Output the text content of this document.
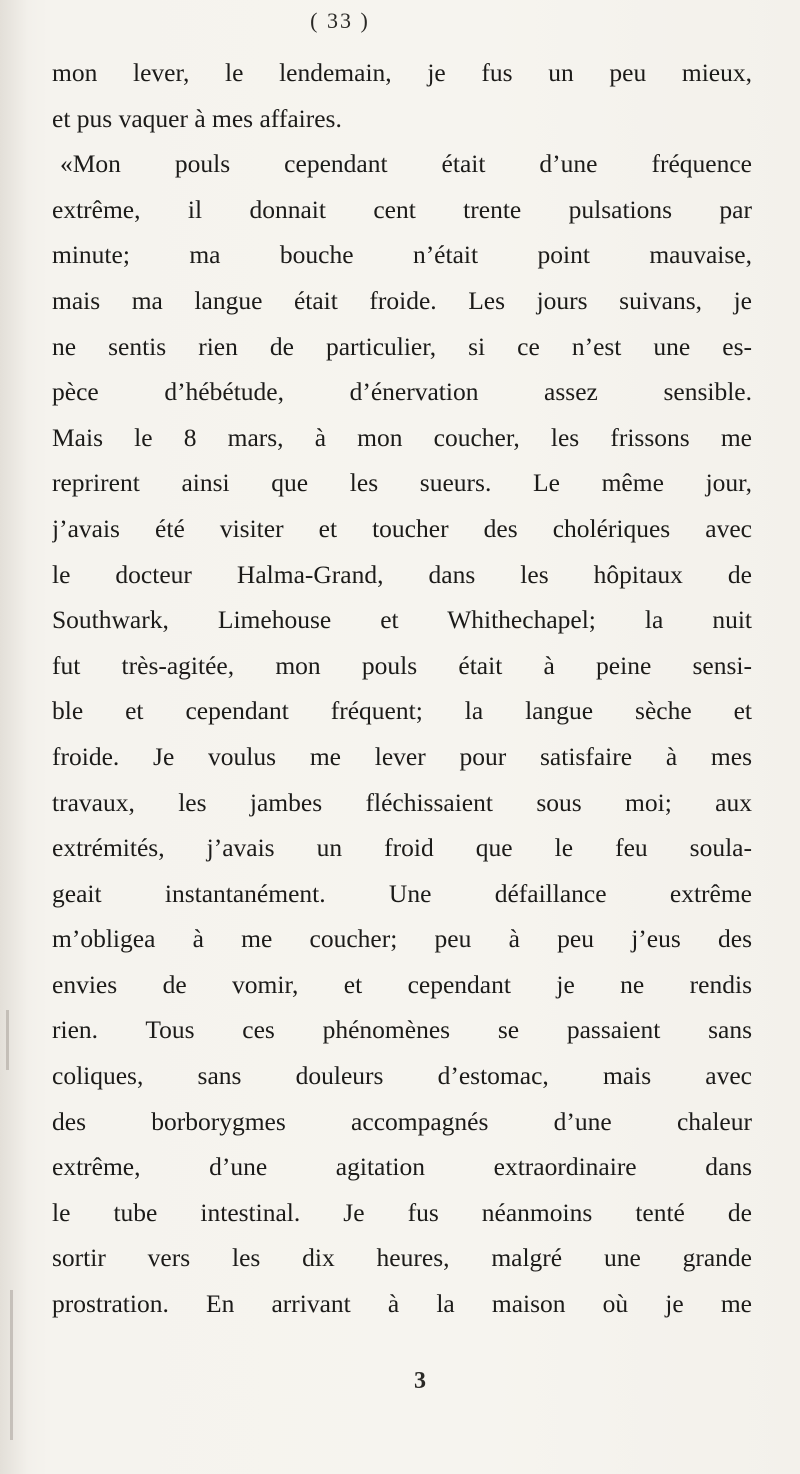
( 33 )
mon lever, le lendemain, je fus un peu mieux,
et pus vaquer à mes affaires.
«Mon pouls cependant était d’une fréquence
extrême, il donnait cent trente pulsations par
minute; ma bouche n’était point mauvaise,
mais ma langue était froide. Les jours suivans, je
ne sentis rien de particulier, si ce n’est une es-
pèce d’hébétude, d’énervation assez sensible.
Mais le 8 mars, à mon coucher, les frissons me
reprirent ainsi que les sueurs. Le même jour,
j’avais été visiter et toucher des cholériques avec
le docteur Halma-Grand, dans les hôpitaux de
Southwark, Limehouse et Whithechapel; la nuit
fut très-agitée, mon pouls était à peine sensi-
ble et cependant fréquent; la langue sèche et
froide. Je voulus me lever pour satisfaire à mes
travaux, les jambes fléchissaient sous moi; aux
extrémités, j’avais un froid que le feu soula-
geait instantanément. Une défaillance extrême
m’obligea à me coucher; peu à peu j’eus des
envies de vomir, et cependant je ne rendis
rien. Tous ces phénomènes se passaient sans
coliques, sans douleurs d’estomac, mais avec
des borborygmes accompagnés d’une chaleur
extrême, d’une agitation extraordinaire dans
le tube intestinal. Je fus néanmoins tenté de
sortir vers les dix heures, malgré une grande
prostration. En arrivant à la maison où je me
3
